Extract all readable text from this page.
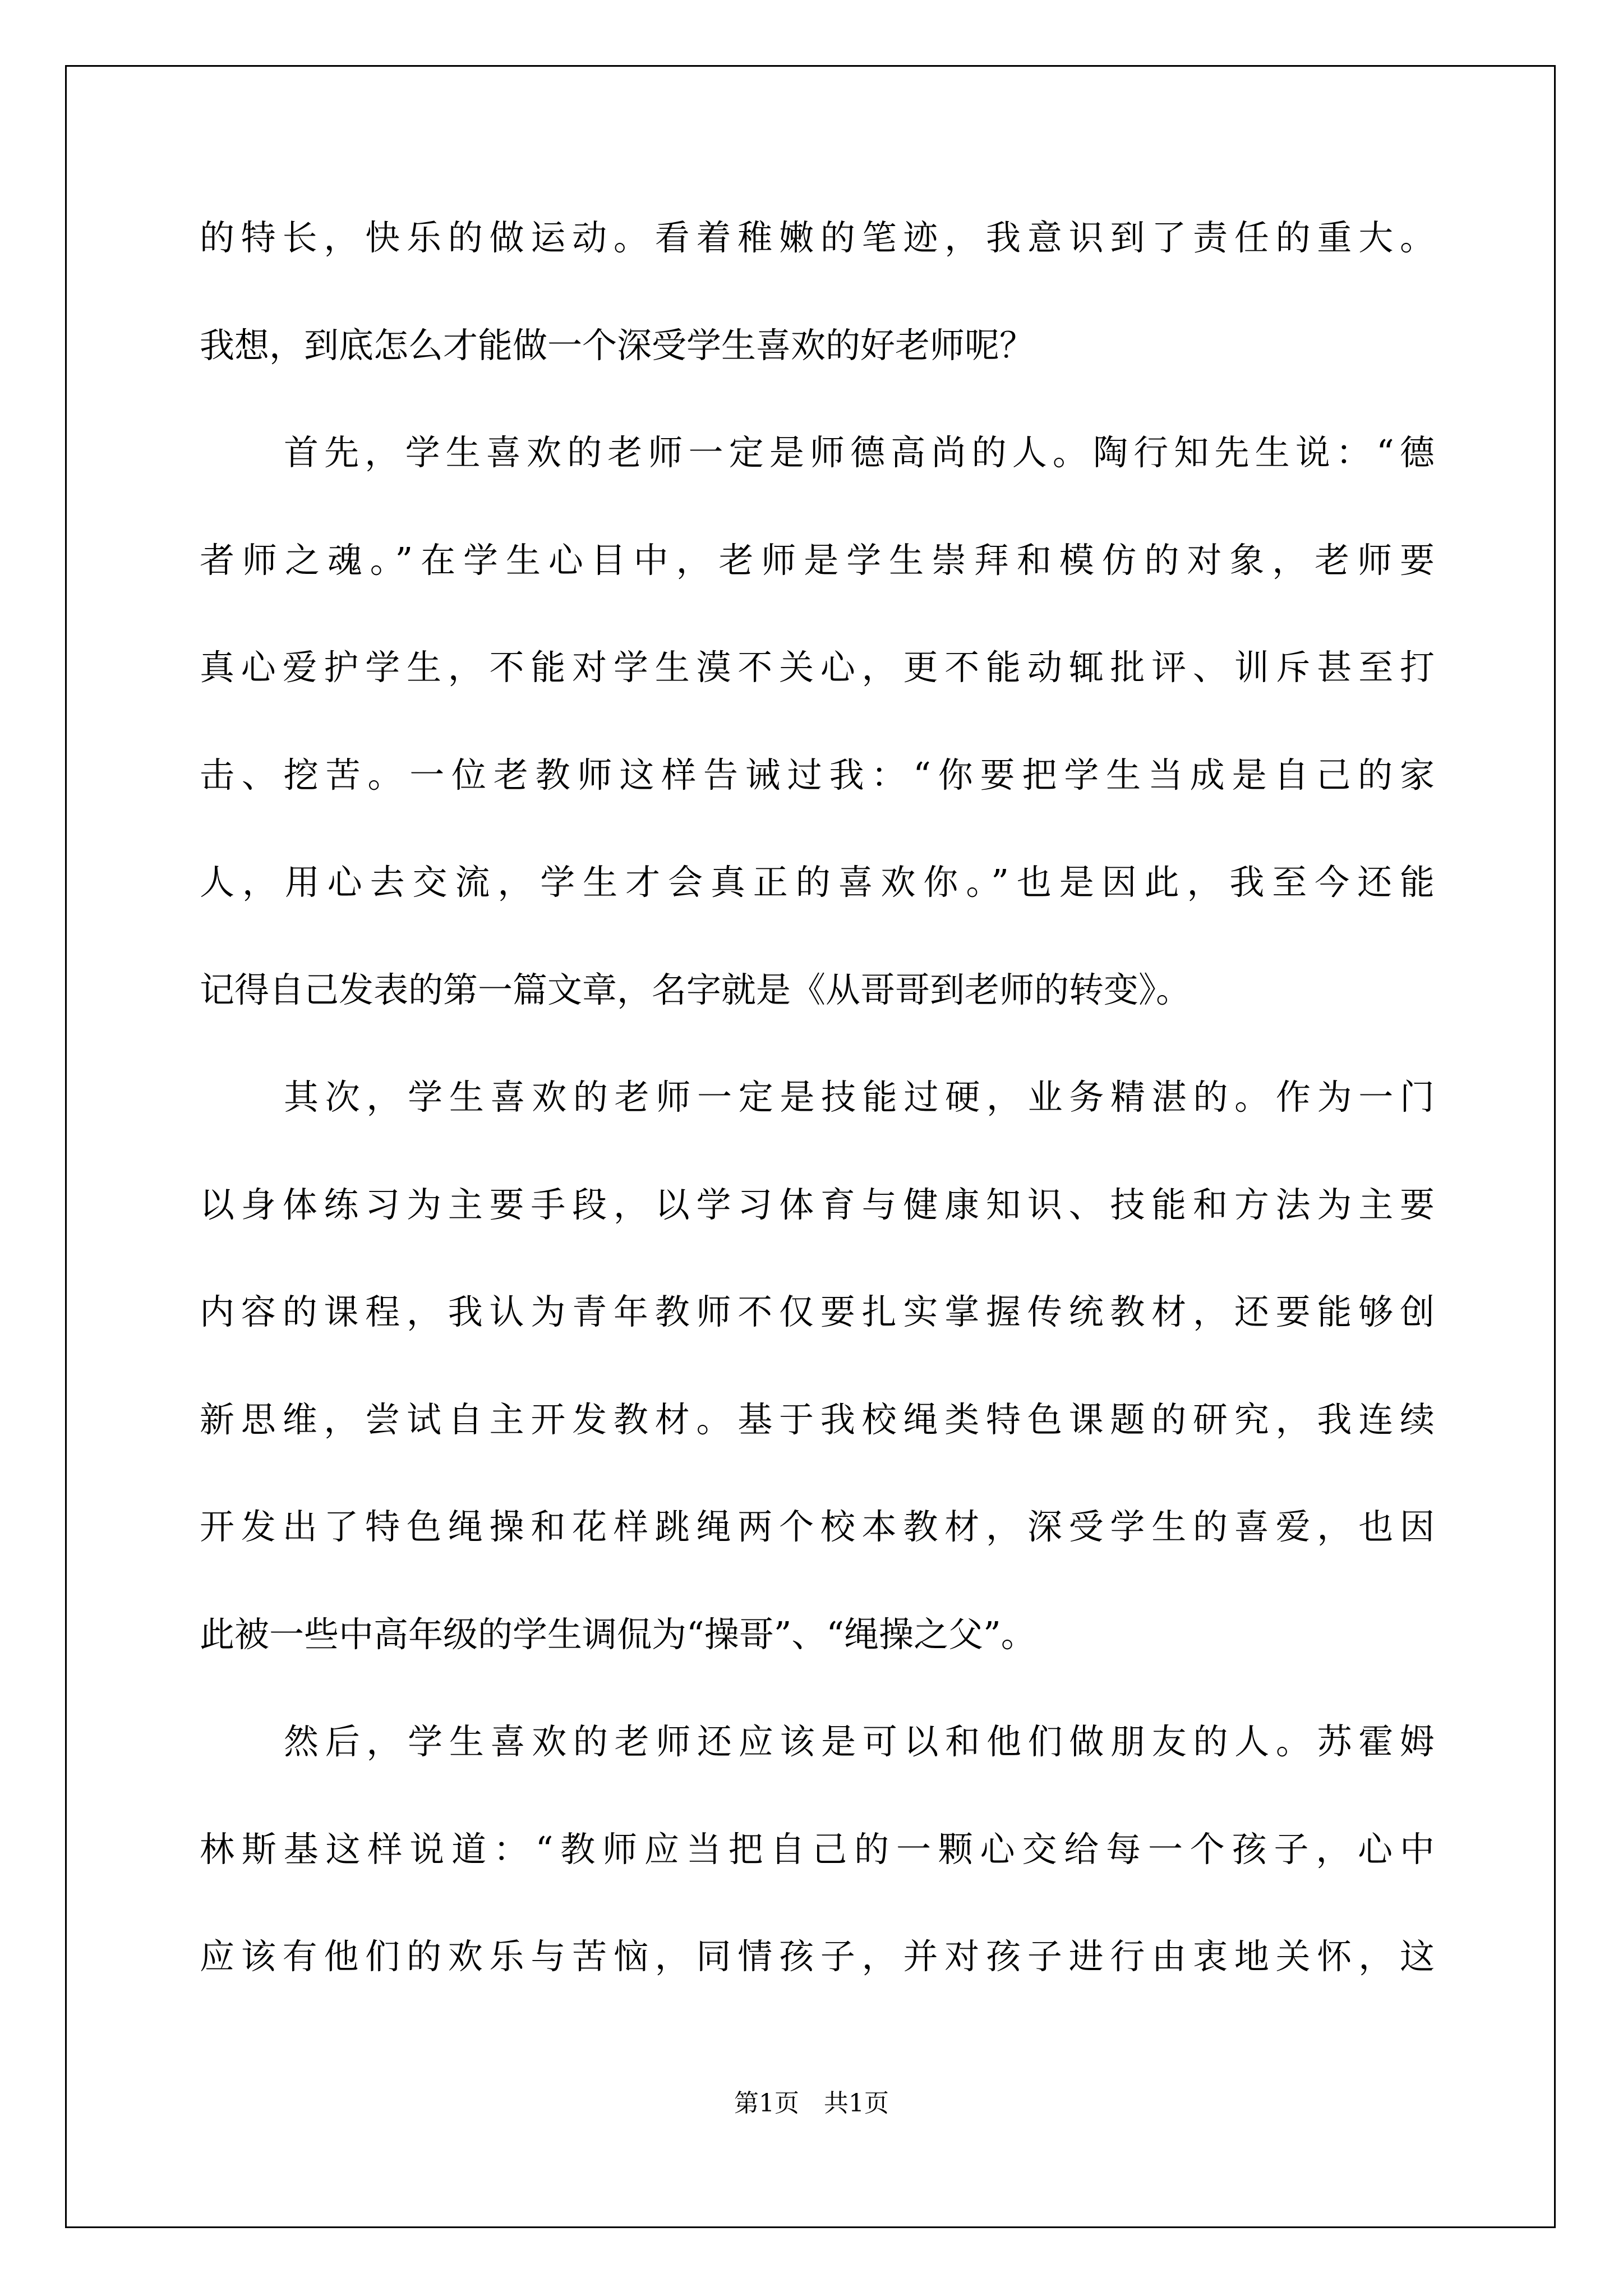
的特长，快乐的做运动。看着稚嫩的笔迹，我意识到了责任的重大。
我想，到底怎么才能做一个深受学生喜欢的好老师呢？
首先，学生喜欢的老师一定是师德高尚的人。陶行知先生说：“德
者师之魂。”在学生心目中，老师是学生崇拜和模仿的对象，老师要
真心爱护学生，不能对学生漠不关心，更不能动辄批评、训斥甚至打
击、挖苦。一位老教师这样告诫过我：“你要把学生当成是自己的家
人，用心去交流，学生才会真正的喜欢你。”也是因此，我至今还能
记得自己发表的第一篇文章，名字就是《从哥哥到老师的转变》。
其次，学生喜欢的老师一定是技能过硬，业务精湛的。作为一门
以身体练习为主要手段，以学习体育与健康知识、技能和方法为主要
内容的课程，我认为青年教师不仅要扎实掌握传统教材，还要能够创
新思维，尝试自主开发教材。基于我校绳类特色课题的研究，我连续
开发出了特色绳操和花样跳绳两个校本教材，深受学生的喜爱，也因
此被一些中高年级的学生调侃为“操哥”、“绳操之父”。
然后，学生喜欢的老师还应该是可以和他们做朋友的人。苏霍姆
林斯基这样说道：“教师应当把自己的一颗心交给每一个孩子，心中
应该有他们的欢乐与苦恼，同情孩子，并对孩子进行由衷地关怀，这
第1页　共1页
